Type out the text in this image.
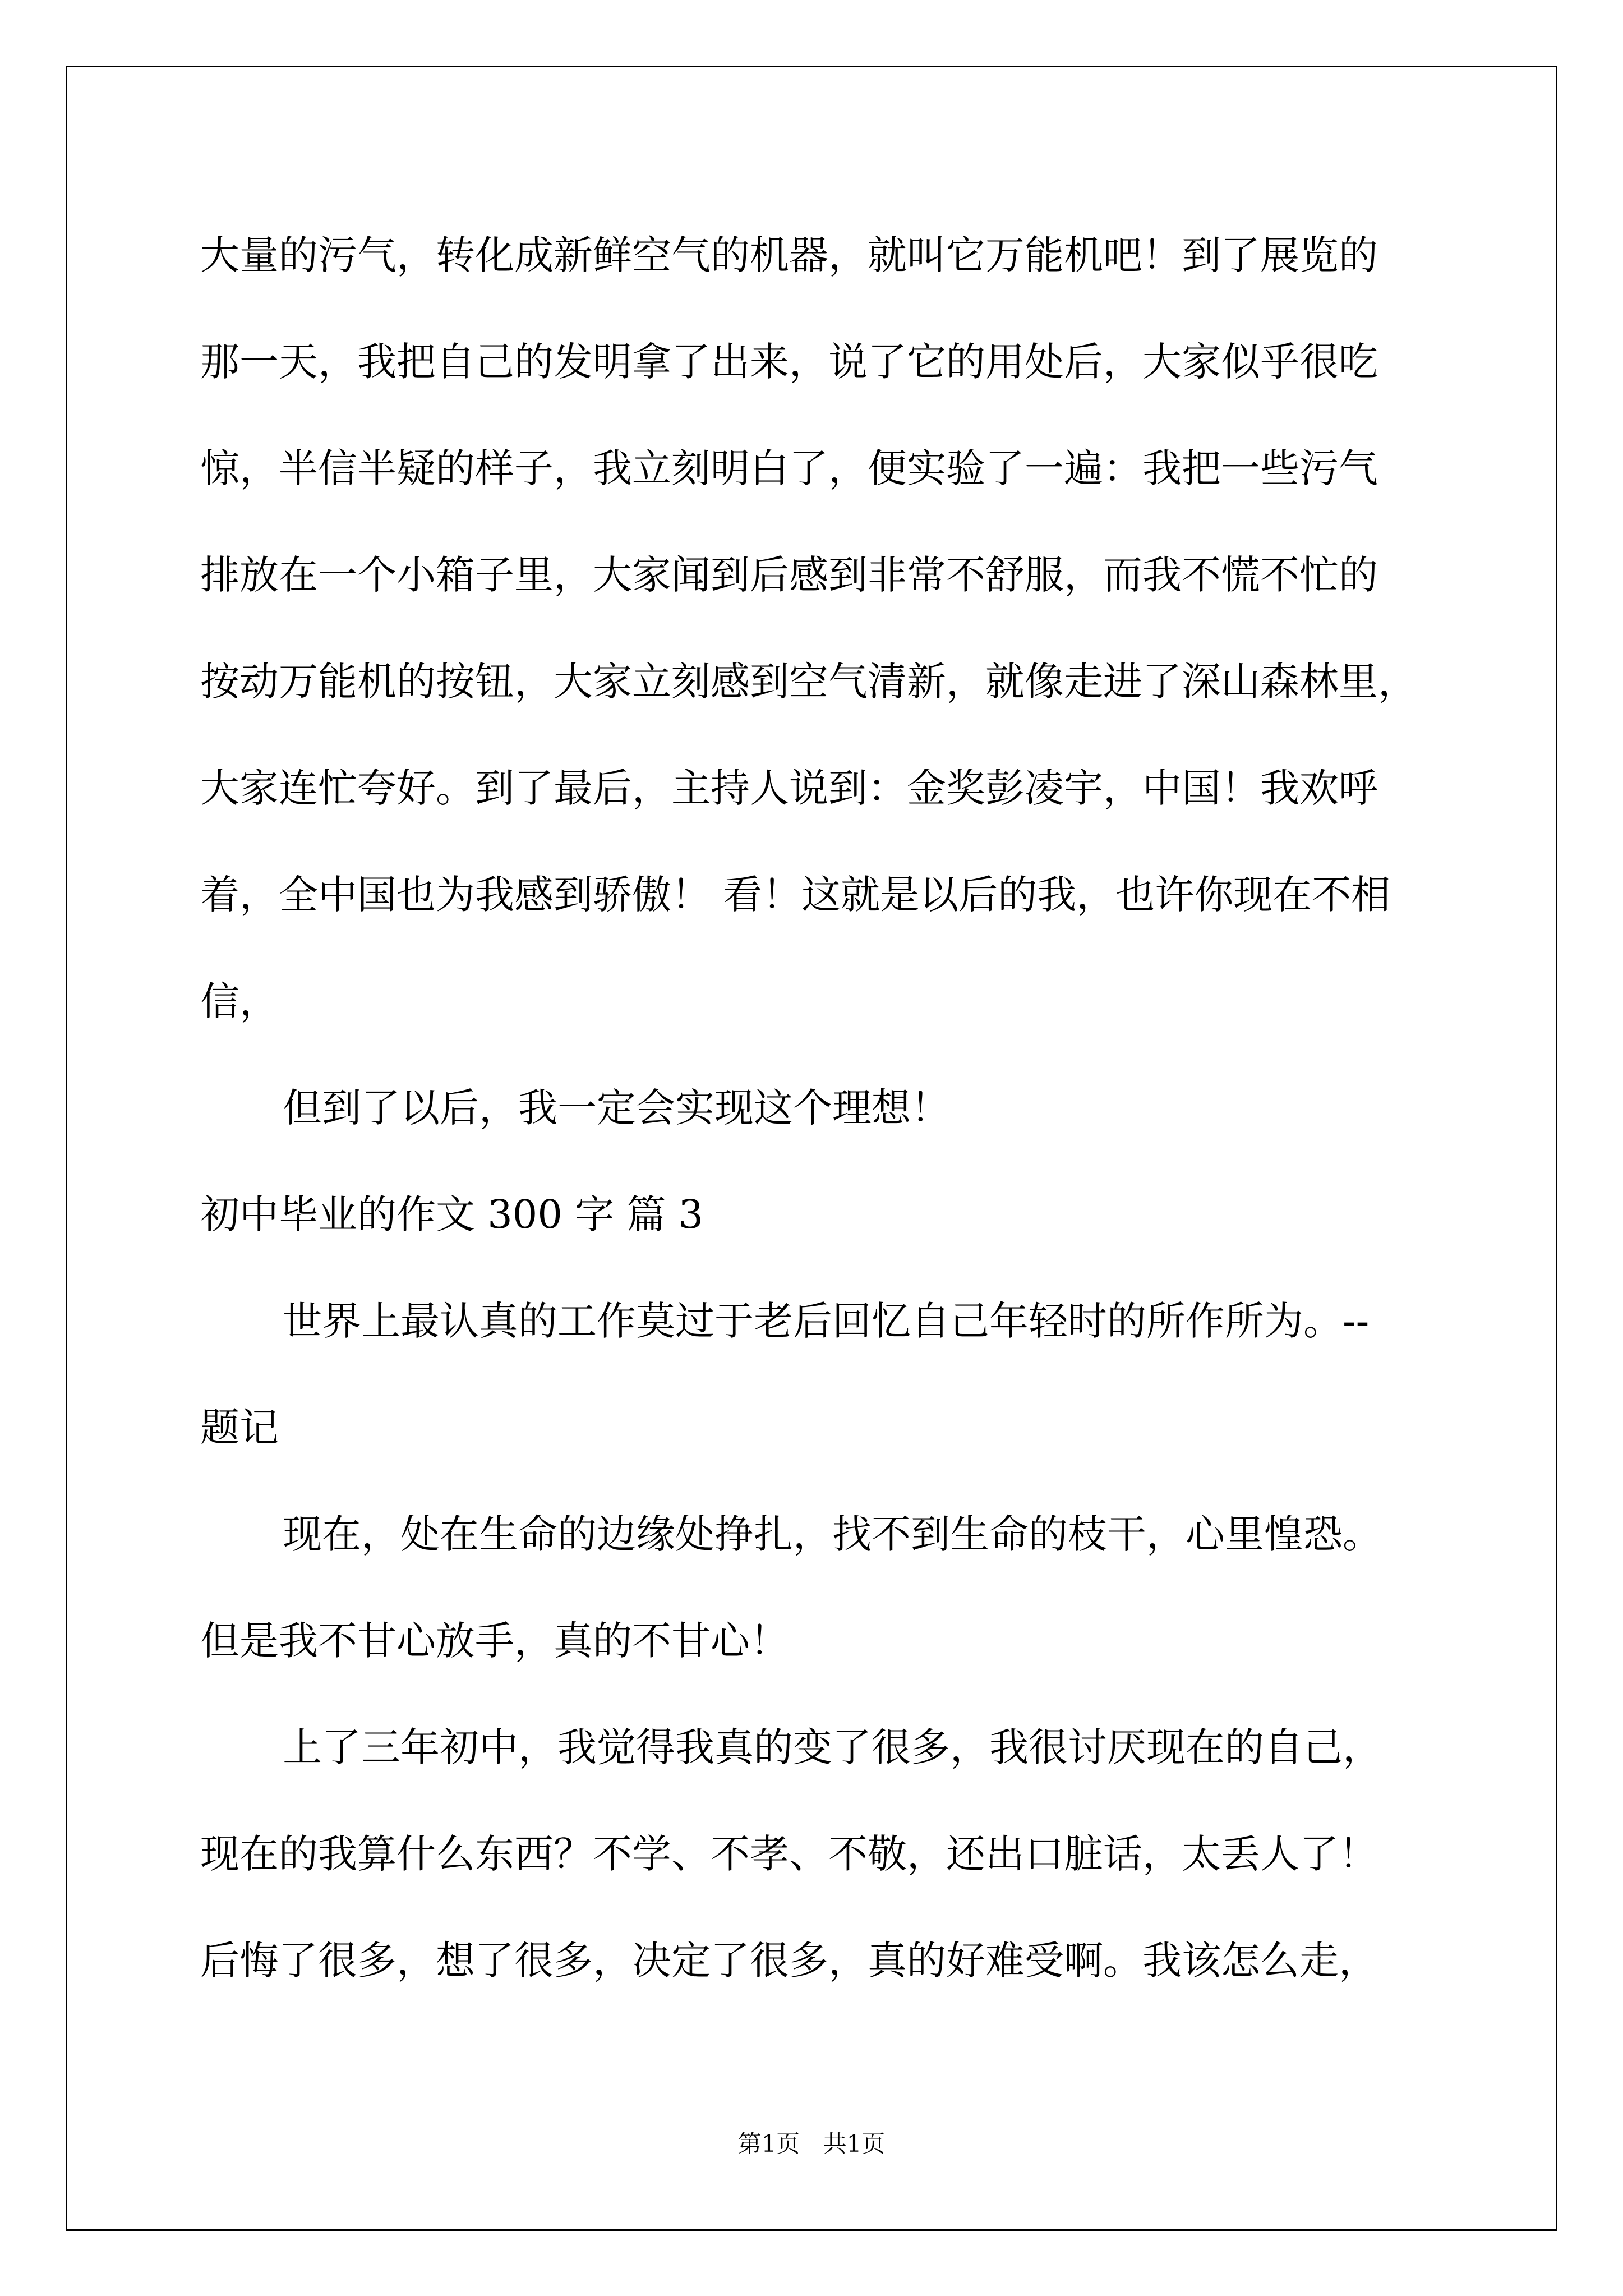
大量的污气，转化成新鲜空气的机器，就叫它万能机吧！到了展览的
那一天，我把自己的发明拿了出来，说了它的用处后，大家似乎很吃
惊，半信半疑的样子，我立刻明白了，便实验了一遍：我把一些污气
排放在一个小箱子里，大家闻到后感到非常不舒服，而我不慌不忙的
按动万能机的按钮，大家立刻感到空气清新，就像走进了深山森林里，
大家连忙夸好。到了最后，主持人说到：金奖彭凌宇，中国！我欢呼
着，全中国也为我感到骄傲！ 看！这就是以后的我，也许你现在不相
信，
但到了以后，我一定会实现这个理想！
初中毕业的作文 300 字 篇 3
世界上最认真的工作莫过于老后回忆自己年轻时的所作所为。--
题记
现在，处在生命的边缘处挣扎，找不到生命的枝干，心里惶恐。
但是我不甘心放手，真的不甘心！
上了三年初中，我觉得我真的变了很多，我很讨厌现在的自己，
现在的我算什么东西？不学、不孝、不敬，还出口脏话，太丢人了！
后悔了很多，想了很多，决定了很多，真的好难受啊。我该怎么走，
第1页 共1页
